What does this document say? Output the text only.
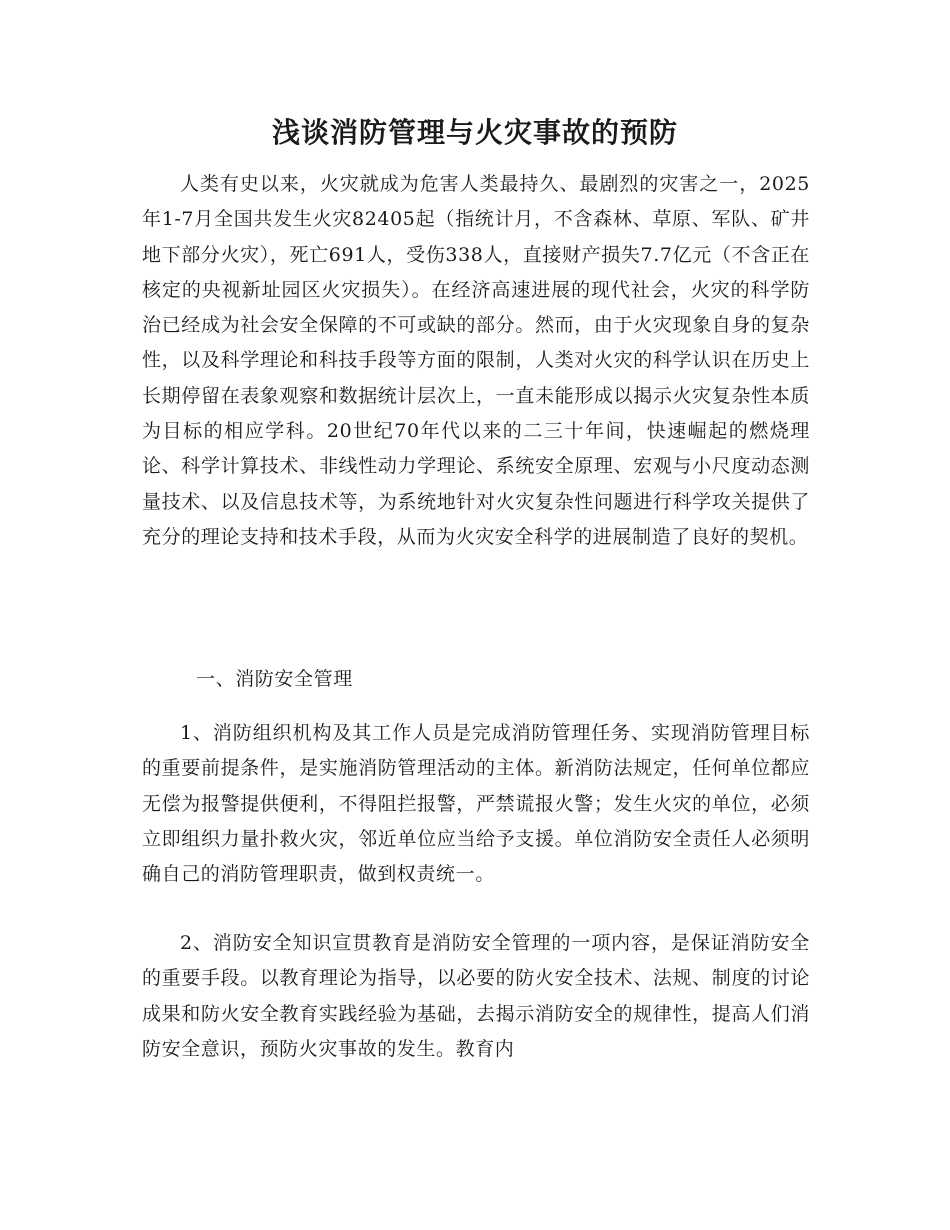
浅谈消防管理与火灾事故的预防

人类有史以来，火灾就成为危害人类最持久、最剧烈的灾害之一，2025年1-7月全国共发生火灾82405起（指统计月，不含森林、草原、军队、矿井地下部分火灾），死亡691人，受伤338人，直接财产损失7.7亿元（不含正在核定的央视新址园区火灾损失）。在经济高速进展的现代社会，火灾的科学防治已经成为社会安全保障的不可或缺的部分。然而，由于火灾现象自身的复杂性，以及科学理论和科技手段等方面的限制，人类对火灾的科学认识在历史上长期停留在表象观察和数据统计层次上，一直未能形成以揭示火灾复杂性本质为目标的相应学科。20世纪70年代以来的二三十年间，快速崛起的燃烧理论、科学计算技术、非线性动力学理论、系统安全原理、宏观与小尺度动态测量技术、以及信息技术等，为系统地针对火灾复杂性问题进行科学攻关提供了充分的理论支持和技术手段，从而为火灾安全科学的进展制造了良好的契机。

一、消防安全管理

1、消防组织机构及其工作人员是完成消防管理任务、实现消防管理目标的重要前提条件，是实施消防管理活动的主体。新消防法规定，任何单位都应无偿为报警提供便利，不得阻拦报警，严禁谎报火警；发生火灾的单位，必须立即组织力量扑救火灾，邻近单位应当给予支援。单位消防安全责任人必须明确自己的消防管理职责，做到权责统一。

2、消防安全知识宣贯教育是消防安全管理的一项内容，是保证消防安全的重要手段。以教育理论为指导，以必要的防火安全技术、法规、制度的讨论成果和防火安全教育实践经验为基础，去揭示消防安全的规律性，提高人们消防安全意识，预防火灾事故的发生。教育内
